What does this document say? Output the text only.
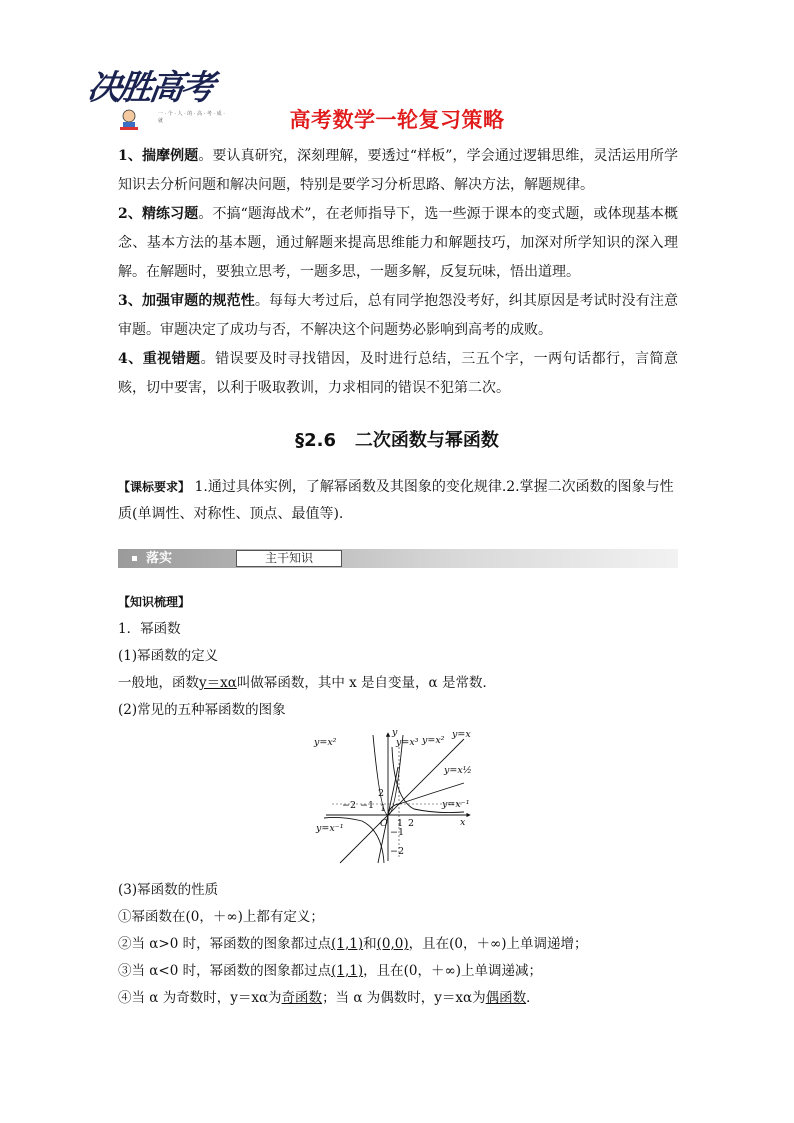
决胜高考
一 · 个 · 人 · 的 · 高 · 考 · 成 · 就	高考数学一轮复习策略

1、揣摩例题。要认真研究，深刻理解，要透过“样板”，学会通过逻辑思维，灵活运用所学知识去分析问题和解决问题，特别是要学习分析思路、解决方法，解题规律。

2、精练习题。不搞“题海战术”，在老师指导下，选一些源于课本的变式题，或体现基本概念、基本方法的基本题，通过解题来提高思维能力和解题技巧，加深对所学知识的深入理解。在解题时，要独立思考，一题多思，一题多解，反复玩味，悟出道理。

3、加强审题的规范性。每每大考过后，总有同学抱怨没考好，纠其原因是考试时没有注意审题。审题决定了成功与否，不解决这个问题势必影响到高考的成败。

4、重视错题。错误要及时寻找错因，及时进行总结，三五个字，一两句话都行，言简意赅，切中要害，以利于吸取教训，力求相同的错误不犯第二次。

§2.6 二次函数与幂函数

【课标要求】 1.通过具体实例，了解幂函数及其图象的变化规律.2.掌握二次函数的图象与性质(单调性、对称性、顶点、最值等).

落实	主干知识

【知识梳理】

1．幂函数

(1)幂函数的定义

一般地，函数y＝xα叫做幂函数，其中 x 是自变量，α 是常数．

(2)常见的五种幂函数的图象

y=x²	y=x³ y=x²
y=x
y=x½
y=x⁻¹
y=x⁻¹
y
x
O
2
1
−1
−2
−2 −1
1 2

(3)幂函数的性质

①幂函数在(0，＋∞)上都有定义；

②当 α>0 时，幂函数的图象都过点(1,1)和(0,0)，且在(0，＋∞)上单调递增；

③当 α<0 时，幂函数的图象都过点(1,1)，且在(0，＋∞)上单调递减；

④当 α 为奇数时，y＝xα为奇函数；当 α 为偶数时，y＝xα为偶函数．
